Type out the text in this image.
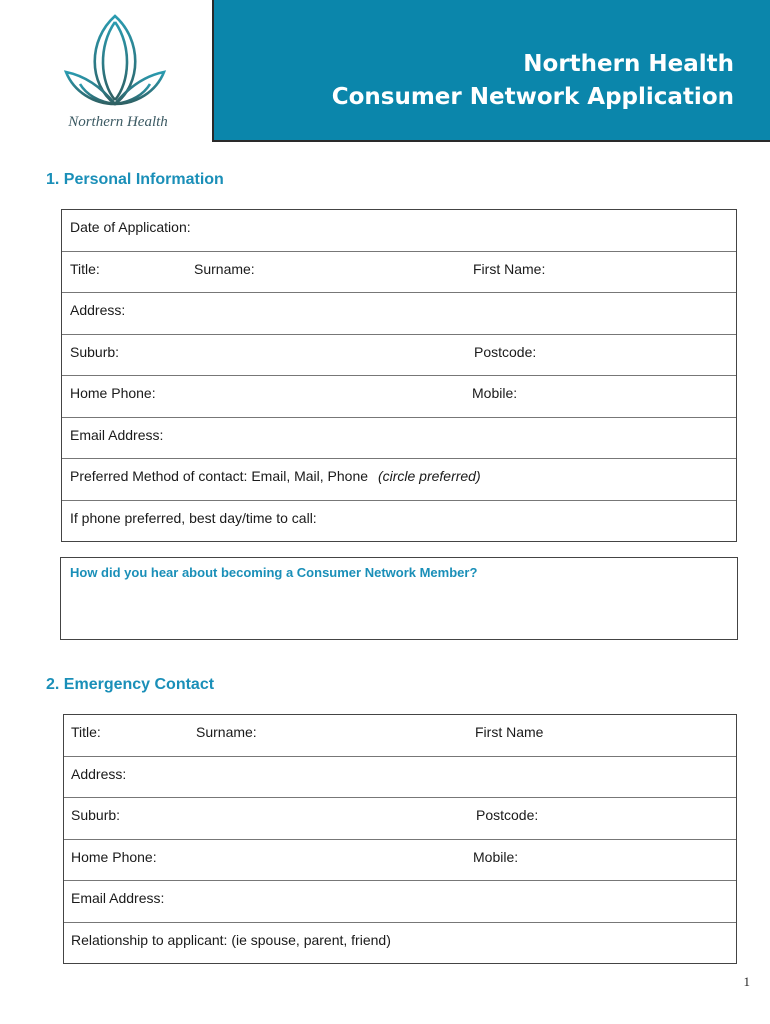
Northern Health
Northern Health
Consumer Network Application
1. Personal Information
Date of Application:
Title:	Surname:	First Name:
Address:
Suburb:	Postcode:
Home Phone:	Mobile:
Email Address:
Preferred Method of contact: Email, Mail, Phone (circle preferred)
If phone preferred, best day/time to call:
How did you hear about becoming a Consumer Network Member?
2. Emergency Contact
Title:	Surname:	First Name
Address:
Suburb:	Postcode:
Home Phone:	Mobile:
Email Address:
Relationship to applicant: (ie spouse, parent, friend)
1
